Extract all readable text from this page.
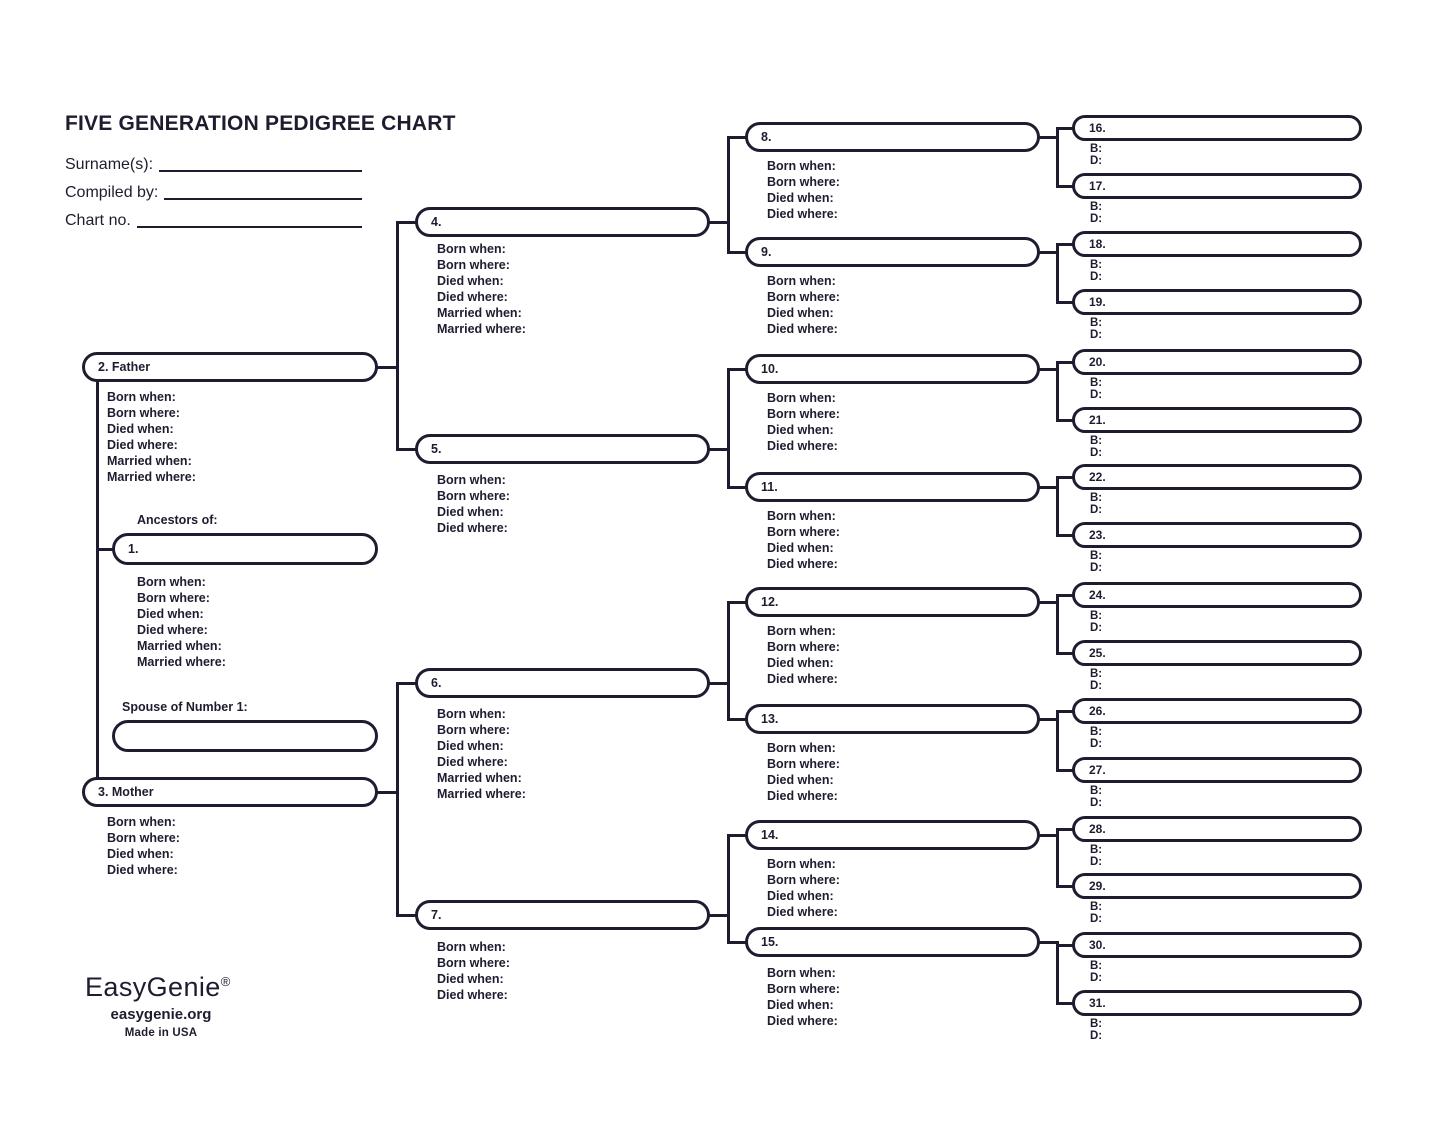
FIVE GENERATION PEDIGREE CHART
Surname(s):
Compiled by:
Chart no.
Ancestors of:
Spouse of Number 1:
1.
Born when:
Born where:
Died when:
Died where:
Married when:
Married where:
2. Father
Born when:
Born where:
Died when:
Died where:
Married when:
Married where:
3. Mother
Born when:
Born where:
Died when:
Died where:
4.
Born when:
Born where:
Died when:
Died where:
Married when:
Married where:
5.
Born when:
Born where:
Died when:
Died where:
6.
Born when:
Born where:
Died when:
Died where:
Married when:
Married where:
7.
Born when:
Born where:
Died when:
Died where:
8.
Born when:
Born where:
Died when:
Died where:
9.
Born when:
Born where:
Died when:
Died where:
10.
Born when:
Born where:
Died when:
Died where:
11.
Born when:
Born where:
Died when:
Died where:
12.
Born when:
Born where:
Died when:
Died where:
13.
Born when:
Born where:
Died when:
Died where:
14.
Born when:
Born where:
Died when:
Died where:
15.
Born when:
Born where:
Died when:
Died where:
16.
B:
D:
17.
B:
D:
18.
B:
D:
19.
B:
D:
20.
B:
D:
21.
B:
D:
22.
B:
D:
23.
B:
D:
24.
B:
D:
25.
B:
D:
26.
B:
D:
27.
B:
D:
28.
B:
D:
29.
B:
D:
30.
B:
D:
31.
B:
D:
EasyGenie®
easygenie.org
Made in USA
